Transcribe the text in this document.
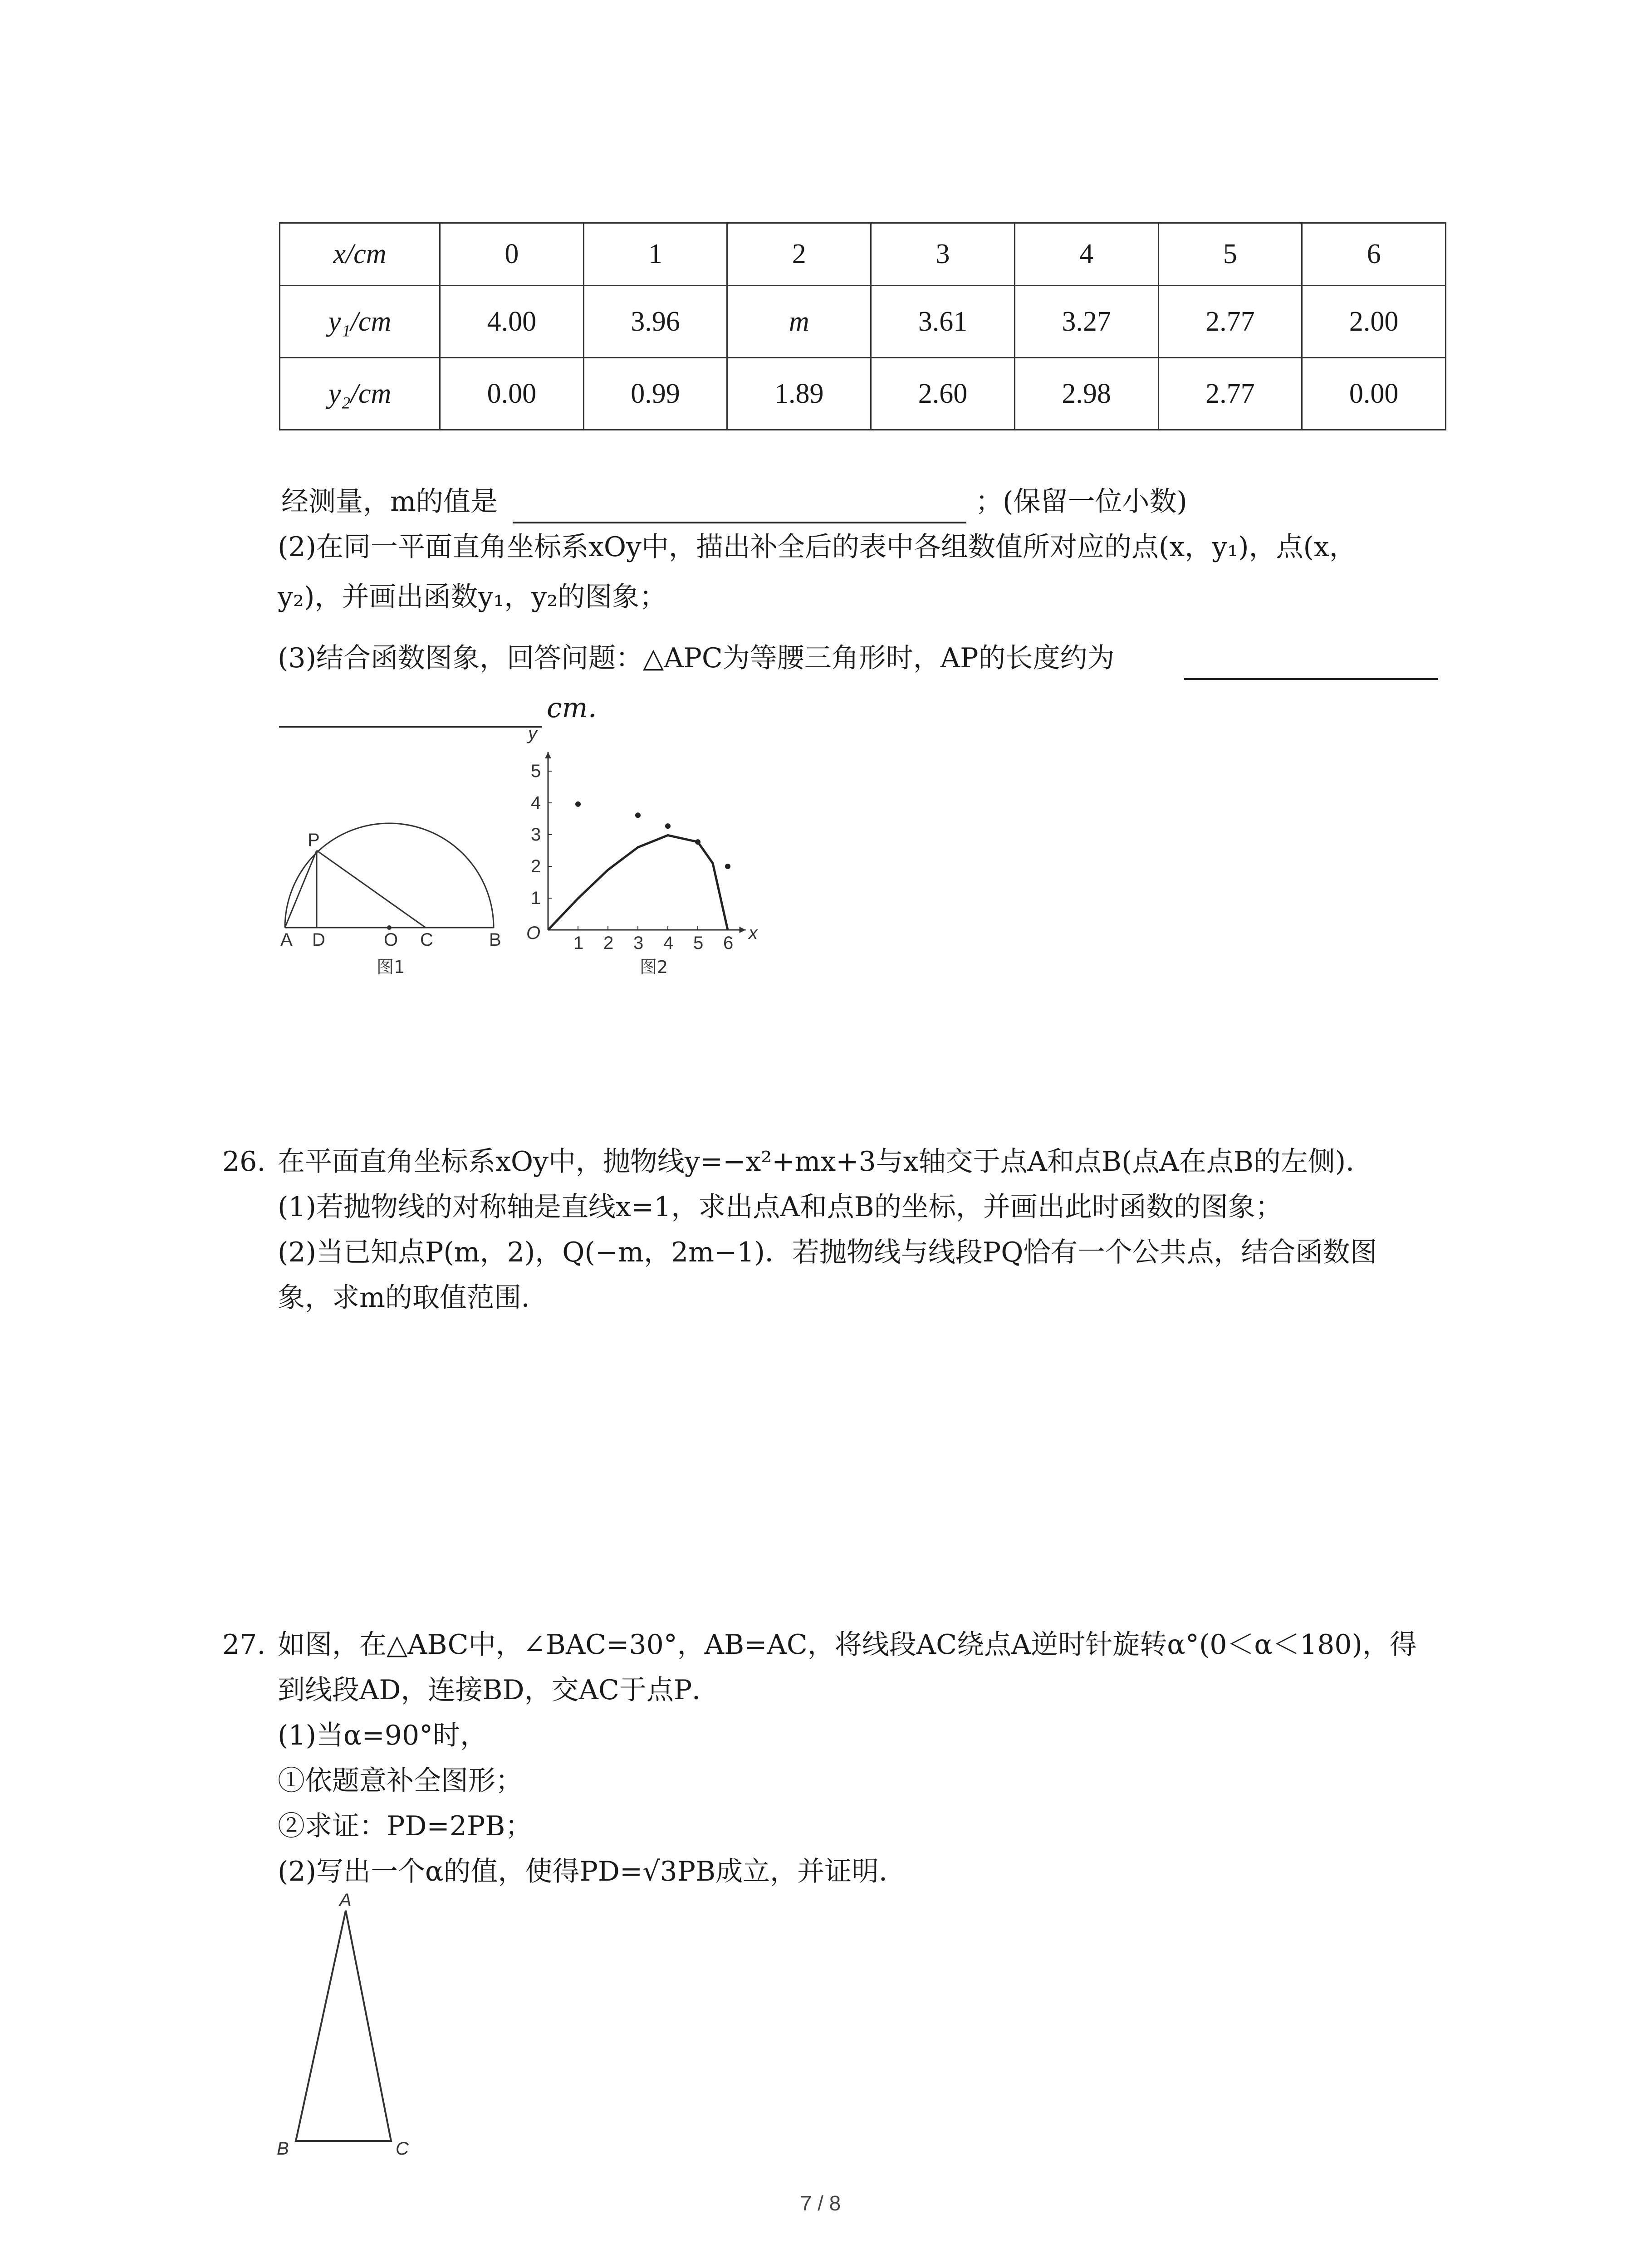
x/cm	0	1	2	3	4	5	6
y₁/cm	4.00	3.96	m	3.61	3.27	2.77	2.00
y₂/cm	0.00	0.99	1.89	2.60	2.98	2.77	0.00
经测量，m的值是	；(保留一位小数)
(2)在同一平面直角坐标系xOy中，描出补全后的表中各组数值所对应的点(x，y₁)，点(x，
y₂)，并画出函数y₁，y₂的图象；
(3)结合函数图象，回答问题：△APC为等腰三角形时，AP的长度约为
cm．
P
A D	O C	B
图1
1 2 3 4 5 6
1
2
3
4
5
图2
O	x
y
26. 在平面直角坐标系xOy中，抛物线y=−x²+mx+3与x轴交于点A和点B(点A在点B的左侧)．
(1)若抛物线的对称轴是直线x=1，求出点A和点B的坐标，并画出此时函数的图象；
(2)当已知点P(m，2)，Q(−m，2m−1)．若抛物线与线段PQ恰有一个公共点，结合函数图
象，求m的取值范围．
27. 如图，在△ABC中，∠BAC=30°，AB=AC，将线段AC绕点A逆时针旋转α°(0＜α＜180)，得
到线段AD，连接BD，交AC于点P．
(1)当α=90°时，
①依题意补全图形；
②求证：PD=2PB；
(2)写出一个α的值，使得PD=√3PB成立，并证明．
A
B	C
7 / 8
